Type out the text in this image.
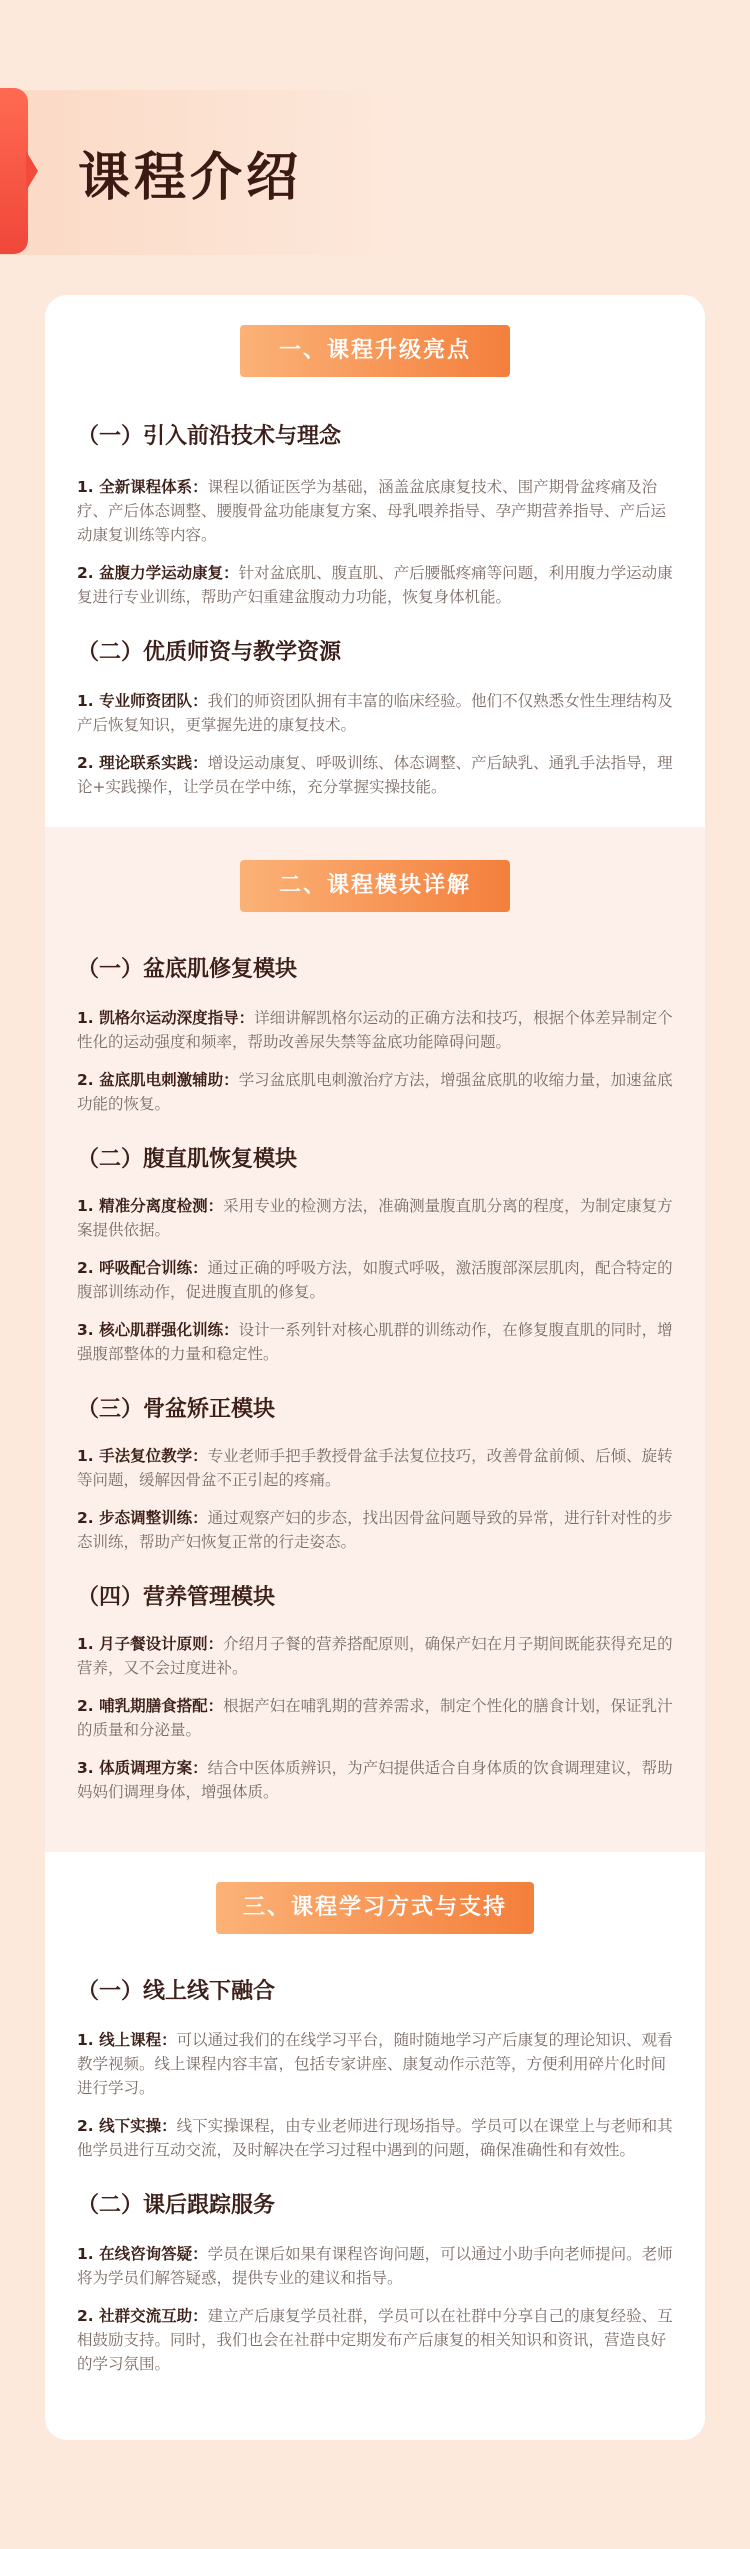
课程介绍
一、课程升级亮点
（一）引入前沿技术与理念

1. 全新课程体系：课程以循证医学为基础，涵盖盆底康复技术、围产期骨盆疼痛及治疗、产后体态调整、腰腹骨盆功能康复方案、母乳喂养指导、孕产期营养指导、产后运动康复训练等内容。

2. 盆腹力学运动康复：针对盆底肌、腹直肌、产后腰骶疼痛等问题，利用腹力学运动康复进行专业训练，帮助产妇重建盆腹动力功能，恢复身体机能。

（二）优质师资与教学资源

1. 专业师资团队：我们的师资团队拥有丰富的临床经验。他们不仅熟悉女性生理结构及产后恢复知识，更掌握先进的康复技术。

2. 理论联系实践：增设运动康复、呼吸训练、体态调整、产后缺乳、通乳手法指导，理论+实践操作，让学员在学中练，充分掌握实操技能。

二、课程模块详解
（一）盆底肌修复模块

1. 凯格尔运动深度指导：详细讲解凯格尔运动的正确方法和技巧，根据个体差异制定个性化的运动强度和频率，帮助改善尿失禁等盆底功能障碍问题。

2. 盆底肌电刺激辅助：学习盆底肌电刺激治疗方法，增强盆底肌的收缩力量，加速盆底功能的恢复。

（二）腹直肌恢复模块

1. 精准分离度检测：采用专业的检测方法，准确测量腹直肌分离的程度，为制定康复方案提供依据。

2. 呼吸配合训练：通过正确的呼吸方法，如腹式呼吸，激活腹部深层肌肉，配合特定的腹部训练动作，促进腹直肌的修复。

3. 核心肌群强化训练：设计一系列针对核心肌群的训练动作，在修复腹直肌的同时，增强腹部整体的力量和稳定性。

（三）骨盆矫正模块

1. 手法复位教学：专业老师手把手教授骨盆手法复位技巧，改善骨盆前倾、后倾、旋转等问题，缓解因骨盆不正引起的疼痛。

2. 步态调整训练：通过观察产妇的步态，找出因骨盆问题导致的异常，进行针对性的步态训练，帮助产妇恢复正常的行走姿态。

（四）营养管理模块

1. 月子餐设计原则：介绍月子餐的营养搭配原则，确保产妇在月子期间既能获得充足的营养，又不会过度进补。

2. 哺乳期膳食搭配：根据产妇在哺乳期的营养需求，制定个性化的膳食计划，保证乳汁的质量和分泌量。

3. 体质调理方案：结合中医体质辨识，为产妇提供适合自身体质的饮食调理建议，帮助妈妈们调理身体，增强体质。

三、课程学习方式与支持
（一）线上线下融合

1. 线上课程：可以通过我们的在线学习平台，随时随地学习产后康复的理论知识、观看教学视频。线上课程内容丰富，包括专家讲座、康复动作示范等，方便利用碎片化时间进行学习。

2. 线下实操：线下实操课程，由专业老师进行现场指导。学员可以在课堂上与老师和其他学员进行互动交流，及时解决在学习过程中遇到的问题，确保准确性和有效性。

（二）课后跟踪服务

1. 在线咨询答疑：学员在课后如果有课程咨询问题，可以通过小助手向老师提问。老师将为学员们解答疑惑，提供专业的建议和指导。

2. 社群交流互助：建立产后康复学员社群，学员可以在社群中分享自己的康复经验、互相鼓励支持。同时，我们也会在社群中定期发布产后康复的相关知识和资讯，营造良好的学习氛围。
